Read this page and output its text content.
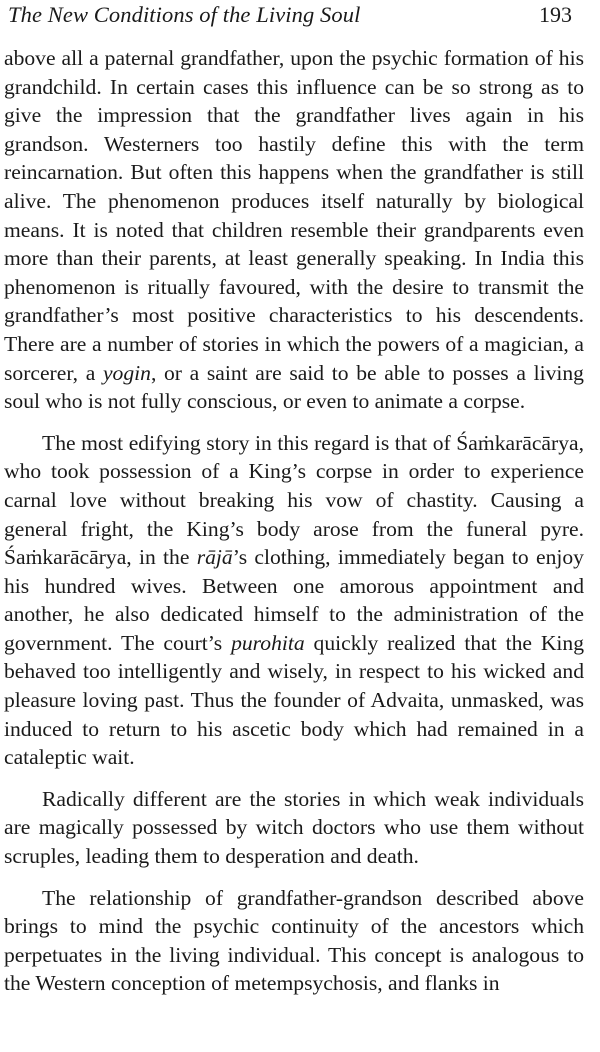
The New Conditions of the Living Soul	193

above all a paternal grandfather, upon the psychic formation of his grandchild. In certain cases this influence can be so strong as to give the impression that the grandfather lives again in his grandson. Westerners too hastily define this with the term reincarnation. But often this happens when the grandfather is still alive. The phenomenon produces itself naturally by biological means. It is noted that children resemble their grandparents even more than their parents, at least generally speaking. In India this phenomenon is ritually favoured, with the desire to transmit the grandfather’s most positive characteristics to his descendents. There are a number of stories in which the powers of a magician, a sorcerer, a yogin, or a saint are said to be able to posses a living soul who is not fully conscious, or even to animate a corpse.

The most edifying story in this regard is that of Śaṁkarācārya, who took possession of a King’s corpse in order to experience carnal love without breaking his vow of chastity. Causing a general fright, the King’s body arose from the funeral pyre. Śaṁkarācārya, in the rājā’s clothing, immediately began to enjoy his hundred wives. Between one amorous appointment and another, he also dedicated himself to the administration of the government. The court’s purohita quickly realized that the King behaved too intelligently and wisely, in respect to his wicked and pleasure loving past. Thus the founder of Advaita, unmasked, was induced to return to his ascetic body which had remained in a cataleptic wait.

Radically different are the stories in which weak individuals are magically possessed by witch doctors who use them without scruples, leading them to desperation and death.

The relationship of grandfather-grandson described above brings to mind the psychic continuity of the ancestors which perpetuates in the living individual. This concept is analogous to the Western conception of metempsychosis, and flanks in
